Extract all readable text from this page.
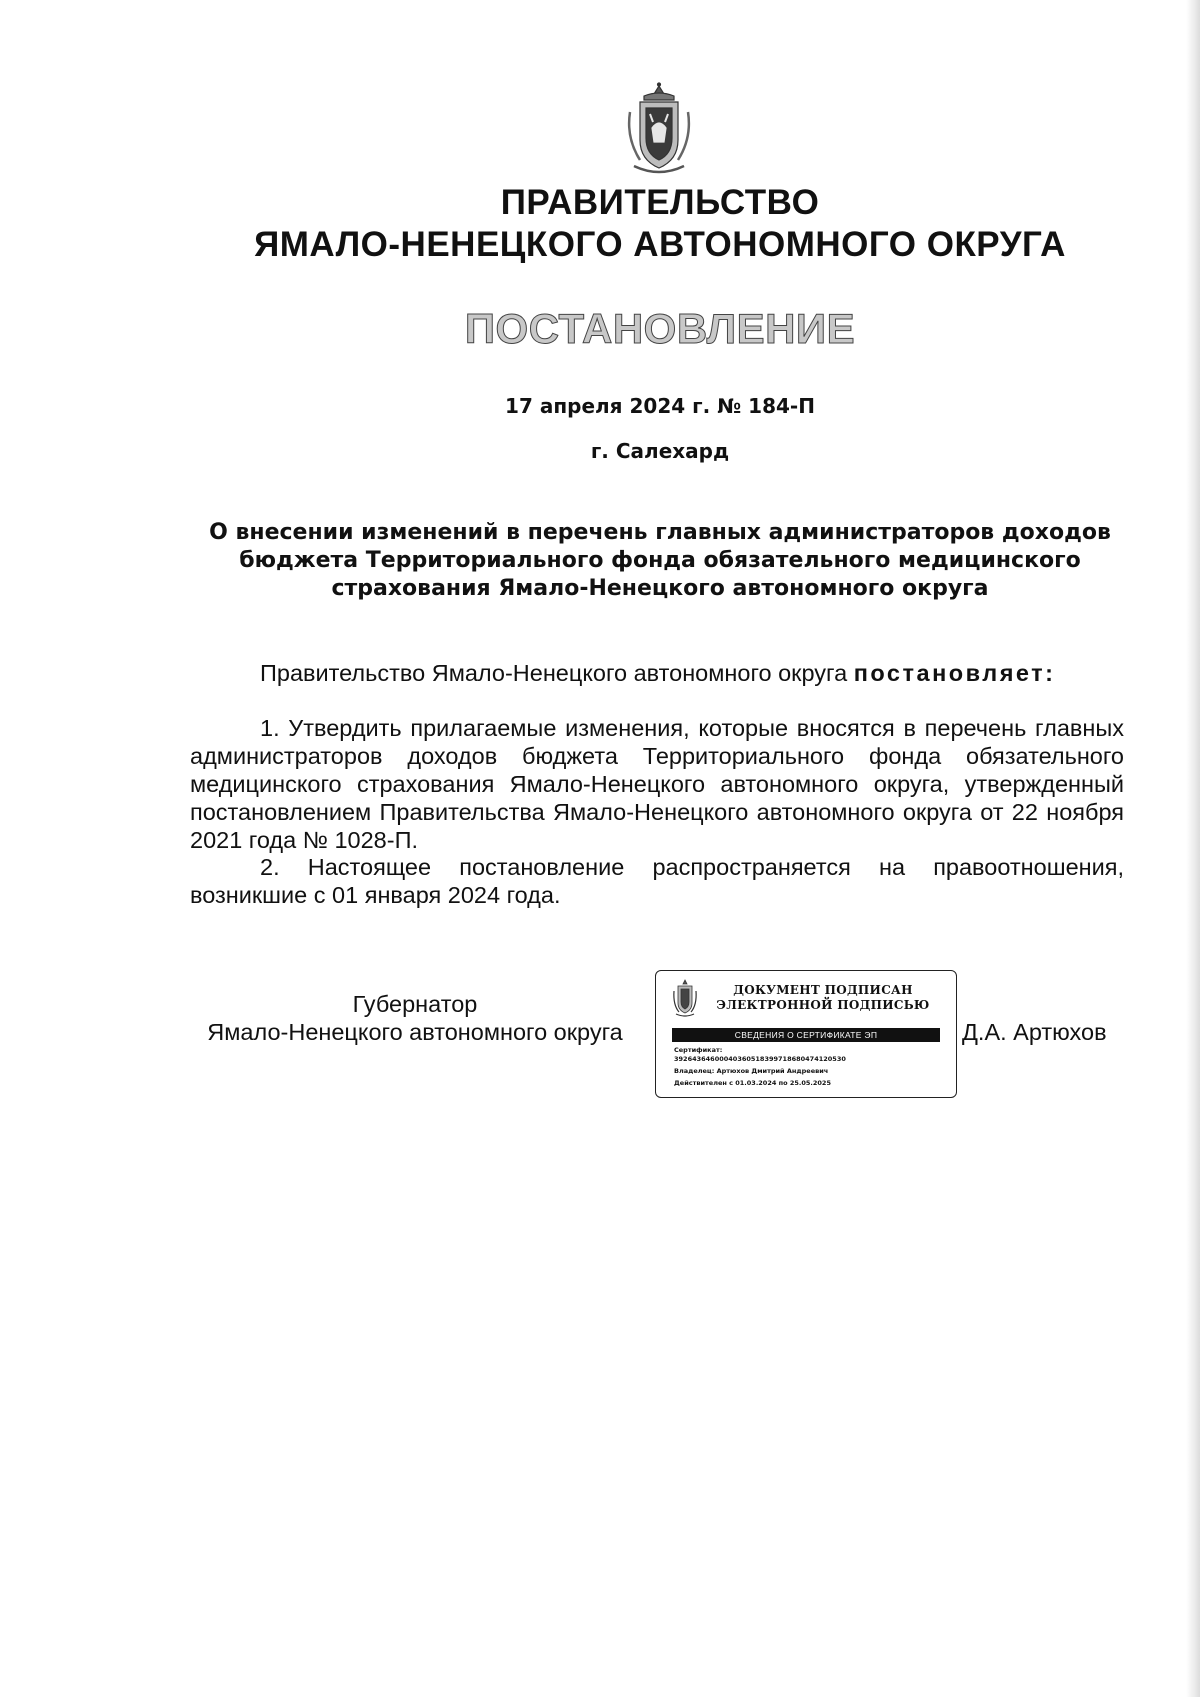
ПРАВИТЕЛЬСТВО
ЯМАЛО-НЕНЕЦКОГО АВТОНОМНОГО ОКРУГА
ПОСТАНОВЛЕНИЕ
17 апреля 2024 г. № 184-П
г. Салехард
О внесении изменений в перечень главных администраторов доходов
бюджета Территориального фонда обязательного медицинского
страхования Ямало-Ненецкого автономного округа
Правительство Ямало-Ненецкого автономного округа постановляет:
1. Утвердить прилагаемые изменения, которые вносятся в перечень главных администраторов доходов бюджета Территориального фонда обязательного медицинского страхования Ямало-Ненецкого автономного округа, утвержденный постановлением Правительства Ямало-Ненецкого автономного округа от 22 ноября 2021 года № 1028-П.
2. Настоящее постановление распространяется на правоотношения, возникшие с 01 января 2024 года.
Губернатор
Ямало-Ненецкого автономного округа
ДОКУМЕНТ ПОДПИСАН
ЭЛЕКТРОННОЙ ПОДПИСЬЮ
СВЕДЕНИЯ О СЕРТИФИКАТЕ ЭП
Сертификат:
3926436460004036051839971868047412053​0
Владелец: Артюхов Дмитрий Андреевич
Действителен с 01.03.2024 по 25.05.2025
Д.А. Артюхов
